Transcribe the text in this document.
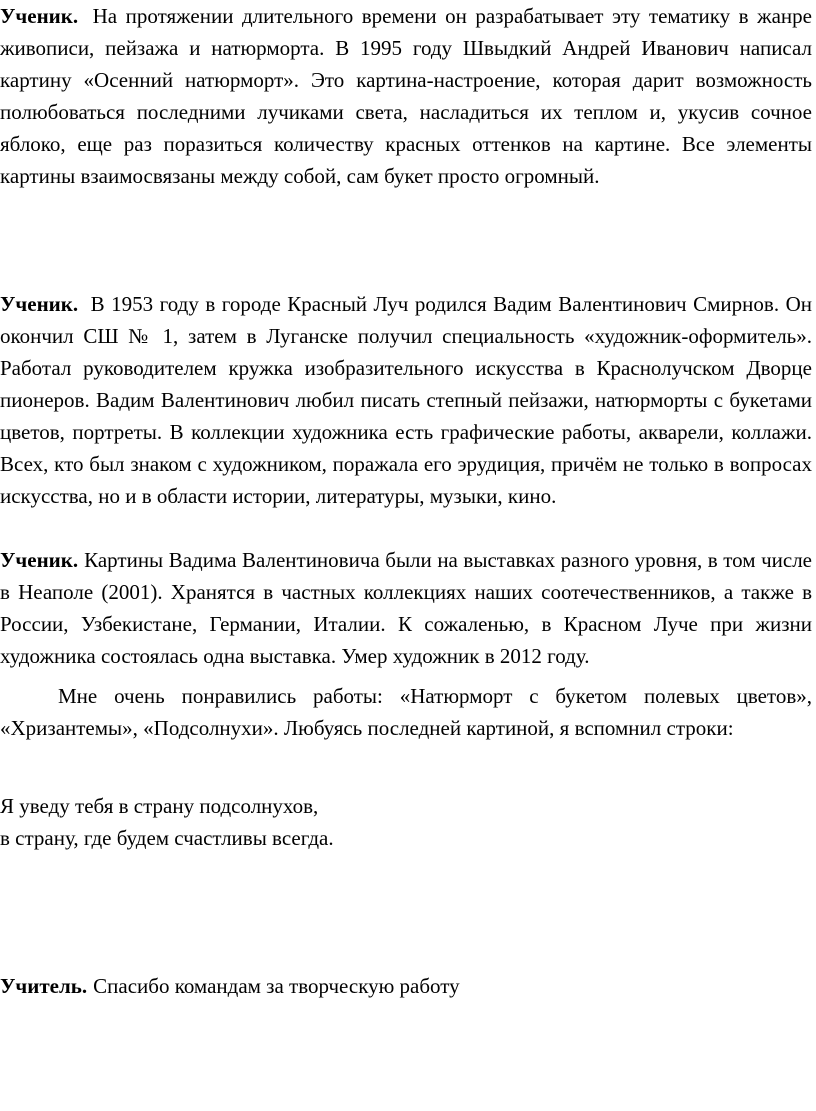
Ученик. На протяжении длительного времени он разрабатывает эту тематику в жанре живописи, пейзажа и натюрморта. В 1995 году Швыдкий Андрей Иванович написал картину «Осенний натюрморт». Это картина-настроение, которая дарит возможность полюбоваться последними лучиками света, насладиться их теплом и, укусив сочное яблоко, еще раз поразиться количеству красных оттенков на картине. Все элементы картины взаимосвязаны между собой, сам букет просто огромный.

Ученик. В 1953 году в городе Красный Луч родился Вадим Валентинович Смирнов. Он окончил СШ № 1, затем в Луганске получил специальность «художник-оформитель». Работал руководителем кружка изобразительного искусства в Краснолучском Дворце пионеров. Вадим Валентинович любил писать степный пейзажи, натюрморты с букетами цветов, портреты. В коллекции художника есть графические работы, акварели, коллажи. Всех, кто был знаком с художником, поражала его эрудиция, причём не только в вопросах искусства, но и в области истории, литературы, музыки, кино.

Ученик. Картины Вадима Валентиновича были на выставках разного уровня, в том числе в Неаполе (2001). Хранятся в частных коллекциях наших соотечественников, а также в России, Узбекистане, Германии, Италии. К сожаленью, в Красном Луче при жизни художника состоялась одна выставка. Умер художник в 2012 году.

Мне очень понравились работы: «Натюрморт с букетом полевых цветов», «Хризантемы», «Подсолнухи». Любуясь последней картиной, я вспомнил строки:

Я уведу тебя в страну подсолнухов,
в страну, где будем счастливы всегда.

Учитель. Спасибо командам за творческую работу
